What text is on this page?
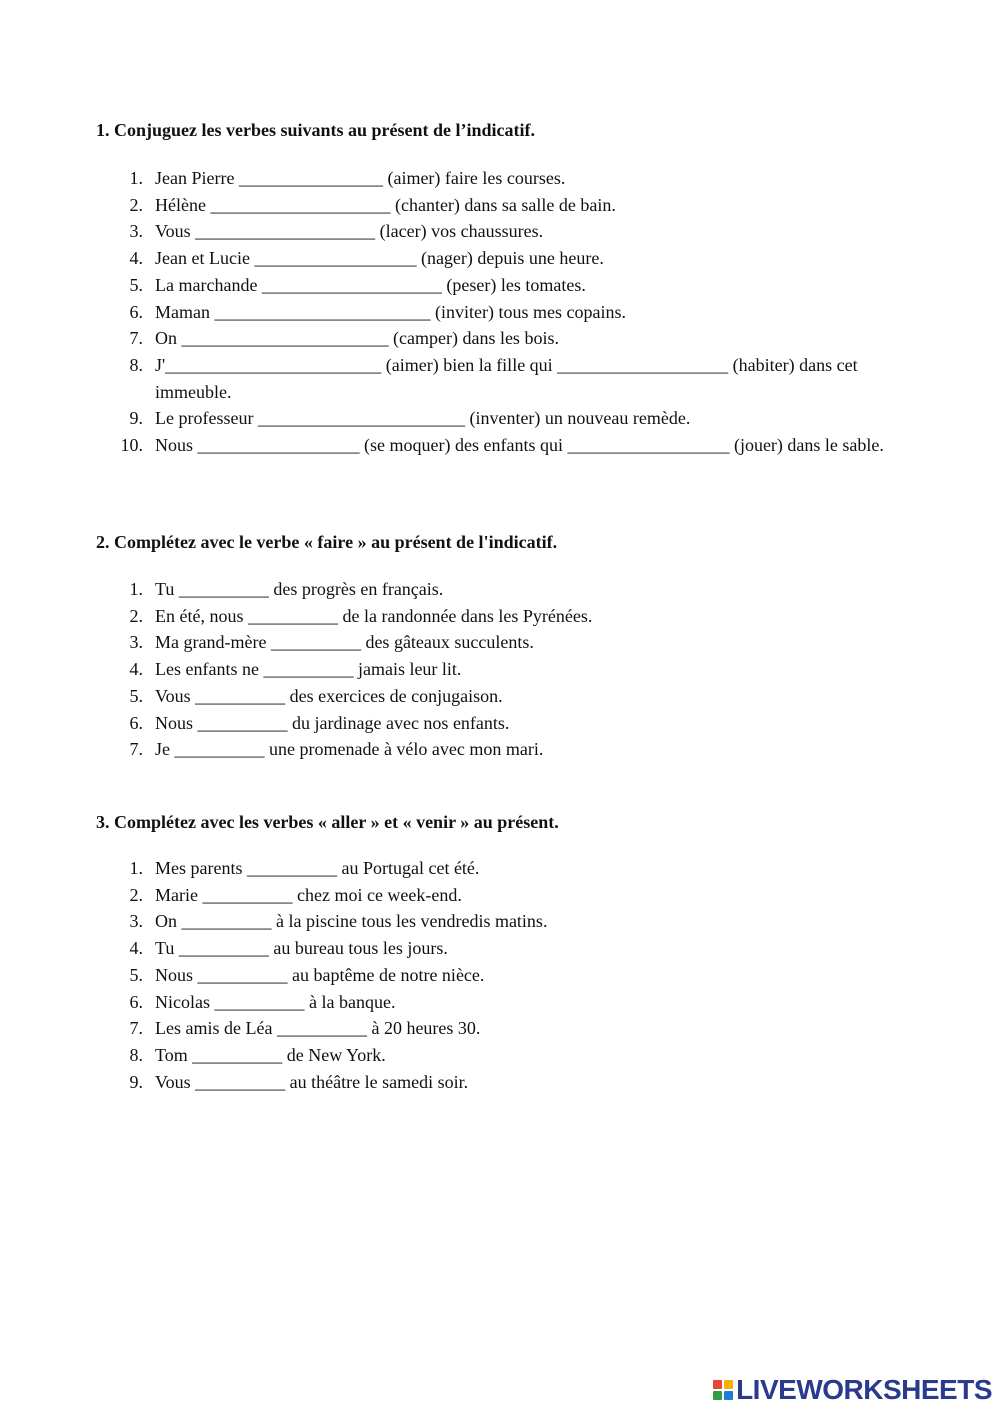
1. Conjuguez les verbes suivants au présent de l’indicatif.
1. Jean Pierre ________________ (aimer) faire les courses.
2. Hélène ____________________ (chanter) dans sa salle de bain.
3. Vous ____________________ (lacer) vos chaussures.
4. Jean et Lucie __________________ (nager) depuis une heure.
5. La marchande ____________________ (peser) les tomates.
6. Maman ________________________ (inviter) tous mes copains.
7. On _______________________ (camper) dans les bois.
8. J'________________________ (aimer) bien la fille qui ___________________ (habiter) dans cet immeuble.
9. Le professeur _______________________ (inventer) un nouveau remède.
10. Nous __________________ (se moquer) des enfants qui __________________ (jouer) dans le sable.
2. Complétez avec le verbe « faire » au présent de l'indicatif.
1. Tu __________ des progrès en français.
2. En été, nous __________ de la randonnée dans les Pyrénées.
3. Ma grand-mère __________ des gâteaux succulents.
4. Les enfants ne __________ jamais leur lit.
5. Vous __________ des exercices de conjugaison.
6. Nous __________ du jardinage avec nos enfants.
7. Je __________ une promenade à vélo avec mon mari.
3. Complétez avec les verbes « aller » et « venir » au présent.
1. Mes parents __________ au Portugal cet été.
2. Marie __________ chez moi ce week-end.
3. On __________ à la piscine tous les vendredis matins.
4. Tu __________ au bureau tous les jours.
5. Nous __________ au baptême de notre nièce.
6. Nicolas __________ à la banque.
7. Les amis de Léa __________ à 20 heures 30.
8. Tom __________ de New York.
9. Vous __________ au théâtre le samedi soir.
LIVEWORKSHEETS
